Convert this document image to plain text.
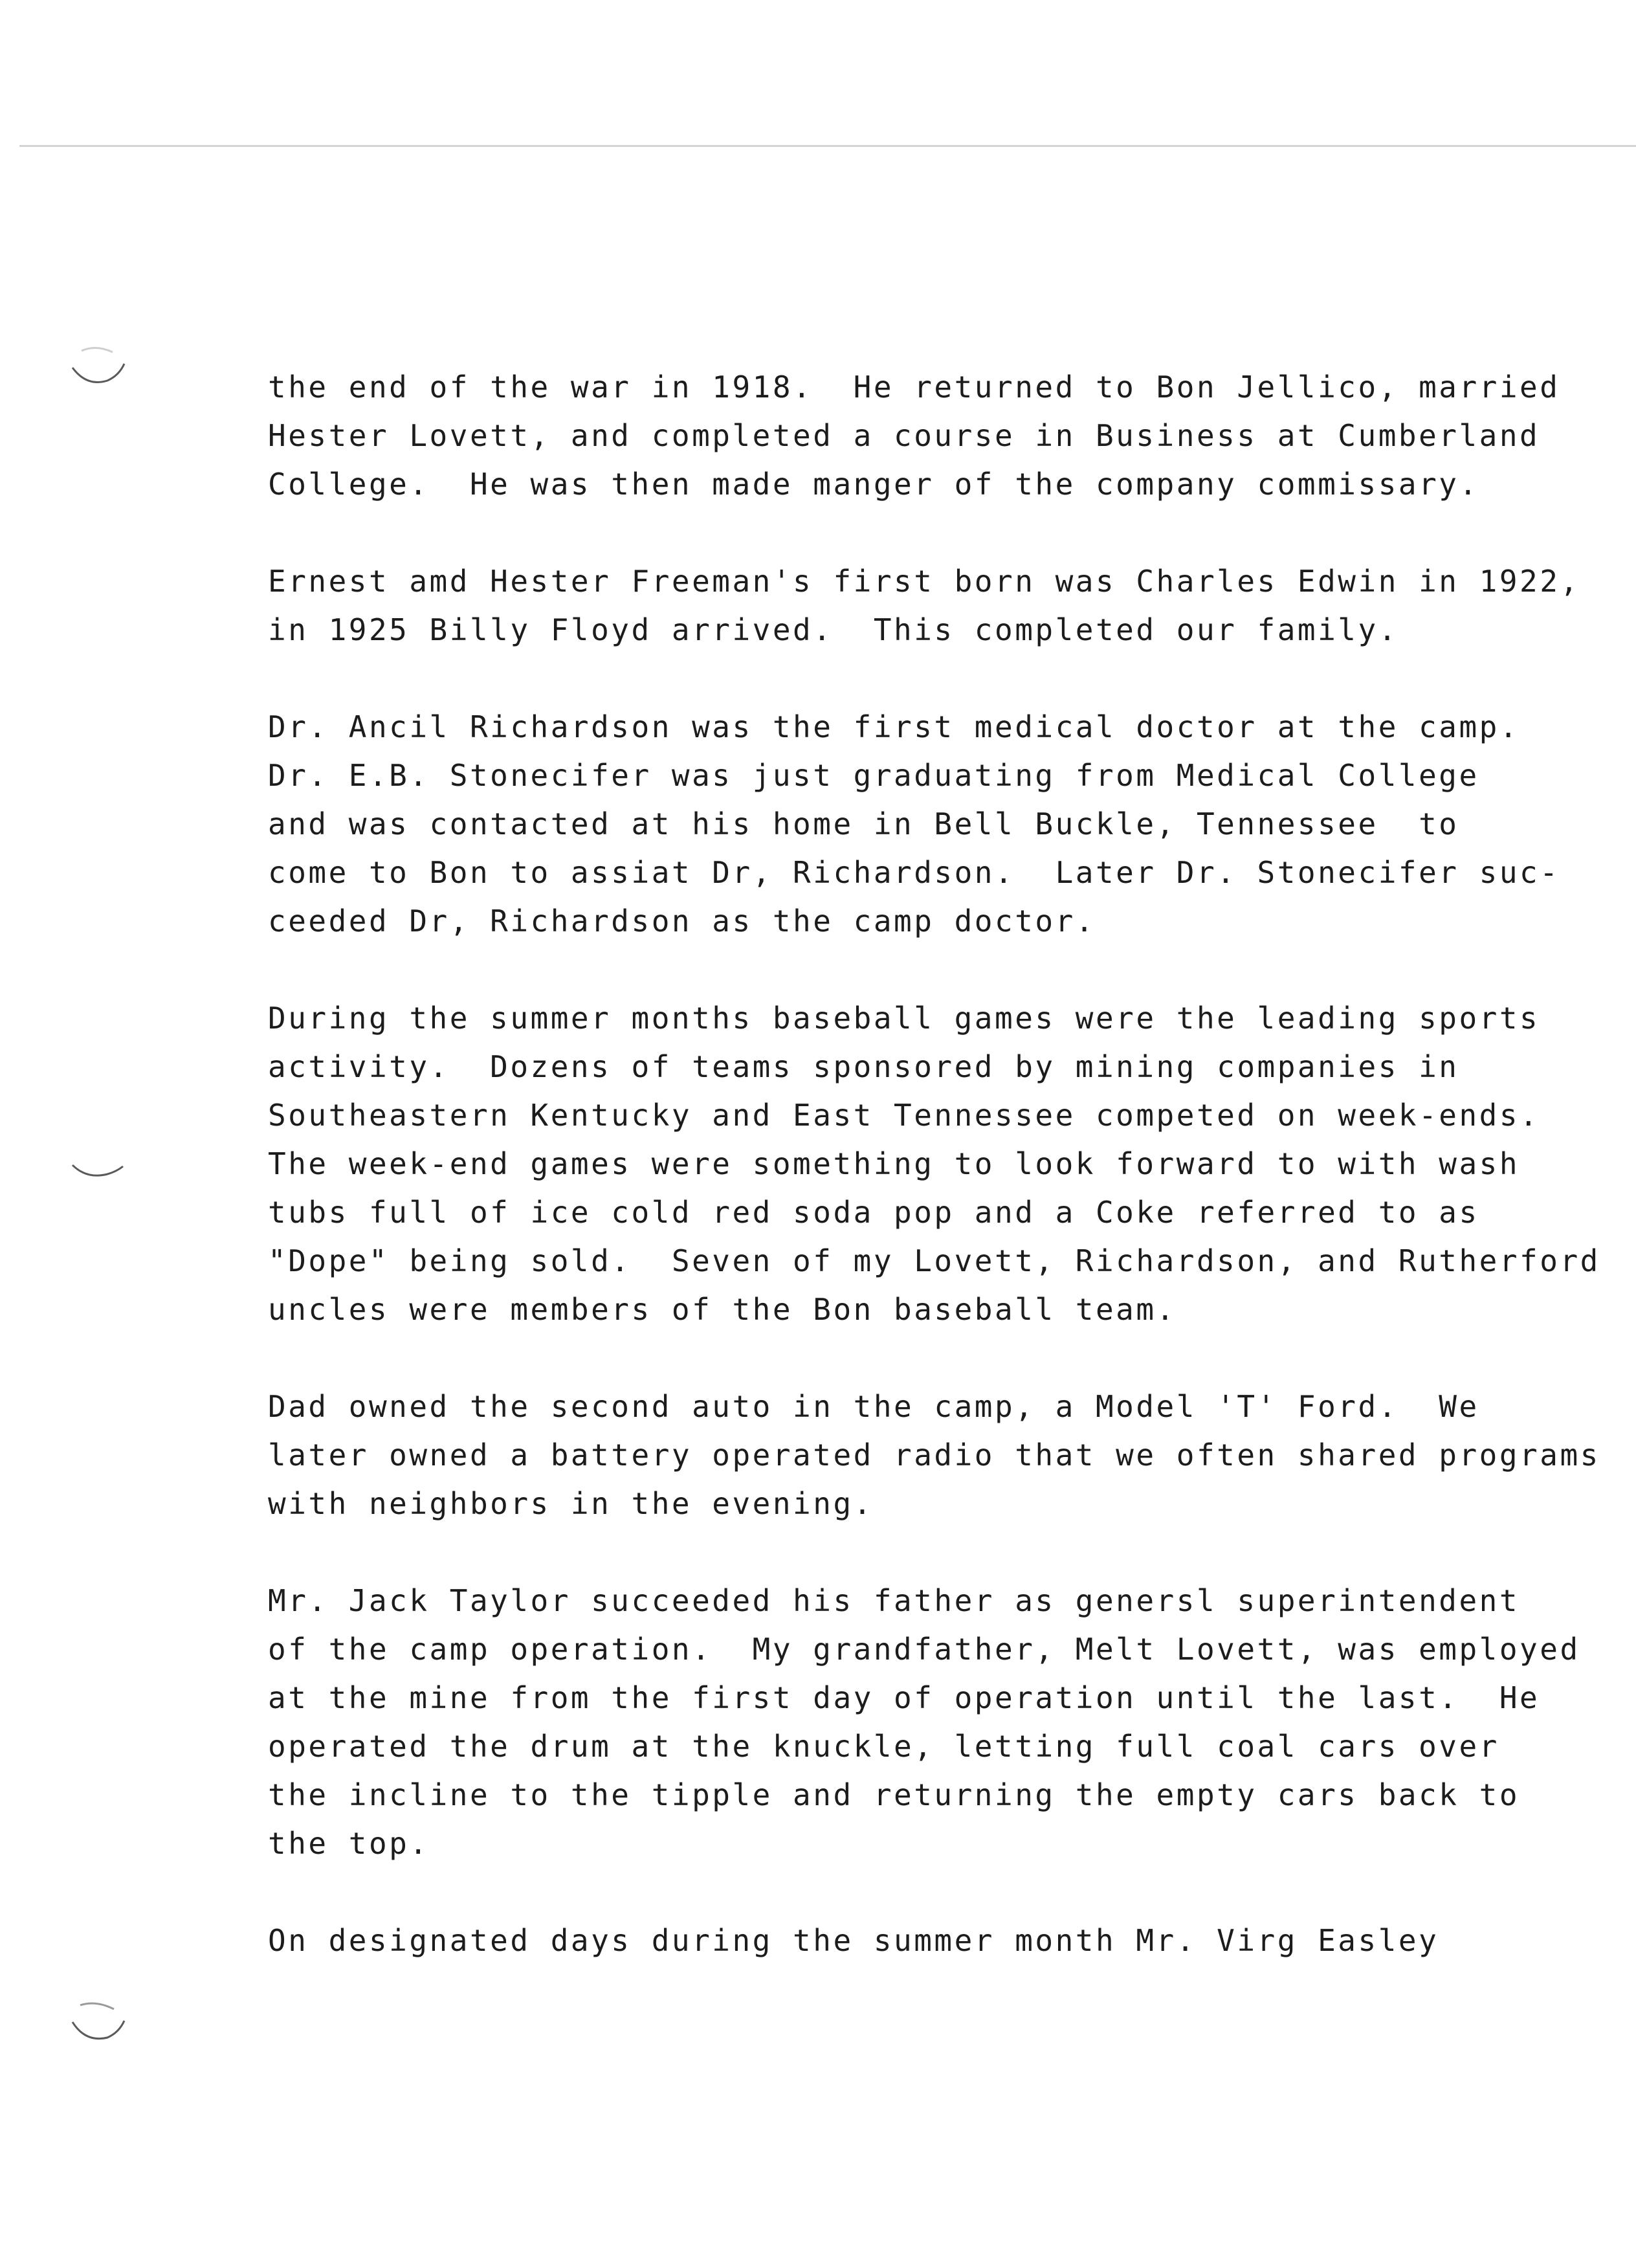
the end of the war in 1918.  He returned to Bon Jellico, married
Hester Lovett, and completed a course in Business at Cumberland
College.  He was then made manger of the company commissary.
Ernest amd Hester Freeman's first born was Charles Edwin in 1922,
in 1925 Billy Floyd arrived.  This completed our family.
Dr. Ancil Richardson was the first medical doctor at the camp.
Dr. E.B. Stonecifer was just graduating from Medical College
and was contacted at his home in Bell Buckle, Tennessee  to
come to Bon to assiat Dr, Richardson.  Later Dr. Stonecifer suc-
ceeded Dr, Richardson as the camp doctor.
During the summer months baseball games were the leading sports
activity.  Dozens of teams sponsored by mining companies in
Southeastern Kentucky and East Tennessee competed on week-ends.
The week-end games were something to look forward to with wash
tubs full of ice cold red soda pop and a Coke referred to as
"Dope" being sold.  Seven of my Lovett, Richardson, and Rutherford
uncles were members of the Bon baseball team.
Dad owned the second auto in the camp, a Model 'T' Ford.  We
later owned a battery operated radio that we often shared programs
with neighbors in the evening.
Mr. Jack Taylor succeeded his father as genersl superintendent
of the camp operation.  My grandfather, Melt Lovett, was employed
at the mine from the first day of operation until the last.  He
operated the drum at the knuckle, letting full coal cars over
the incline to the tipple and returning the empty cars back to
the top.
On designated days during the summer month Mr. Virg Easley
